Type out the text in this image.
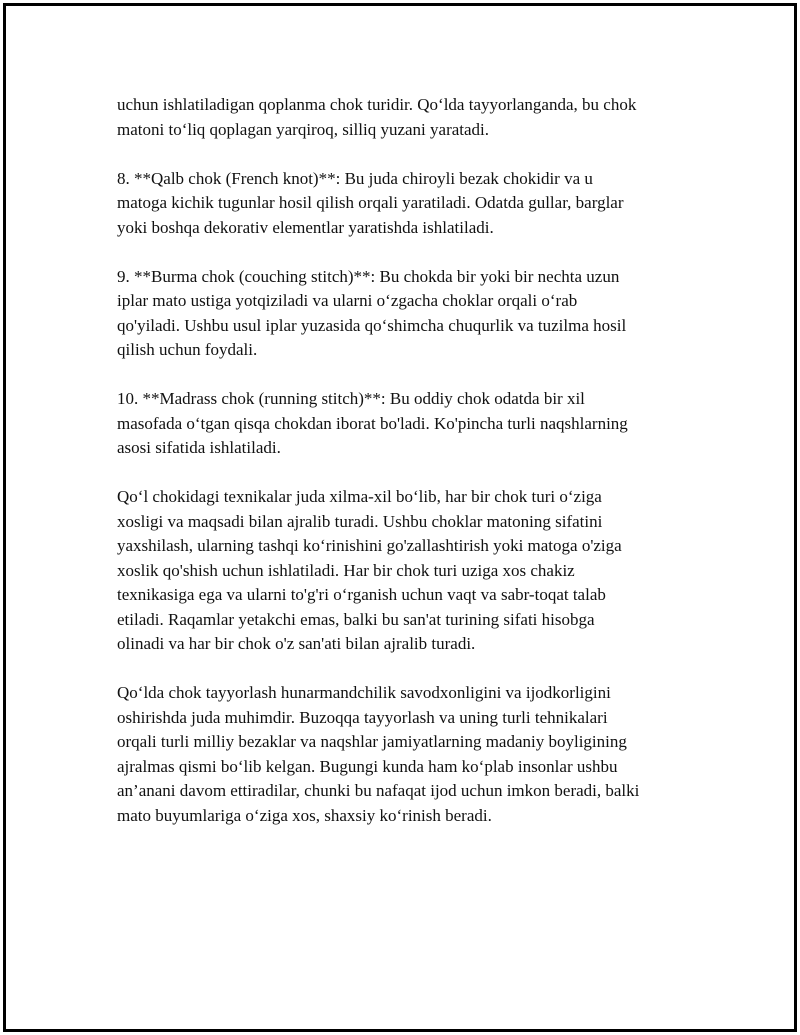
uchun ishlatiladigan qoplanma chok turidir. Qo‘lda tayyorlanganda, bu chok
matoni to‘liq qoplagan yarqiroq, silliq yuzani yaratadi.

8. **Qalb chok (French knot)**: Bu juda chiroyli bezak chokidir va u
matoga kichik tugunlar hosil qilish orqali yaratiladi. Odatda gullar, barglar
yoki boshqa dekorativ elementlar yaratishda ishlatiladi.

9. **Burma chok (couching stitch)**: Bu chokda bir yoki bir nechta uzun
iplar mato ustiga yotqiziladi va ularni o‘zgacha choklar orqali o‘rab
qo'yiladi. Ushbu usul iplar yuzasida qo‘shimcha chuqurlik va tuzilma hosil
qilish uchun foydali.

10. **Madrass chok (running stitch)**: Bu oddiy chok odatda bir xil
masofada o‘tgan qisqa chokdan iborat bo'ladi. Ko'pincha turli naqshlarning
asosi sifatida ishlatiladi.

Qo‘l chokidagi texnikalar juda xilma-xil bo‘lib, har bir chok turi o‘ziga
xosligi va maqsadi bilan ajralib turadi. Ushbu choklar matoning sifatini
yaxshilash, ularning tashqi ko‘rinishini go'zallashtirish yoki matoga o'ziga
xoslik qo'shish uchun ishlatiladi. Har bir chok turi uziga xos chakiz
texnikasiga ega va ularni to'g'ri o‘rganish uchun vaqt va sabr-toqat talab
etiladi. Raqamlar yetakchi emas, balki bu san'at turining sifati hisobga
olinadi va har bir chok o'z san'ati bilan ajralib turadi.

Qo‘lda chok tayyorlash hunarmandchilik savodxonligini va ijodkorligini
oshirishda juda muhimdir. Buzoqqa tayyorlash va uning turli tehnikalari
orqali turli milliy bezaklar va naqshlar jamiyatlarning madaniy boyligining
ajralmas qismi bo‘lib kelgan. Bugungi kunda ham ko‘plab insonlar ushbu
an’anani davom ettiradilar, chunki bu nafaqat ijod uchun imkon beradi, balki
mato buyumlariga o‘ziga xos, shaxsiy ko‘rinish beradi.
